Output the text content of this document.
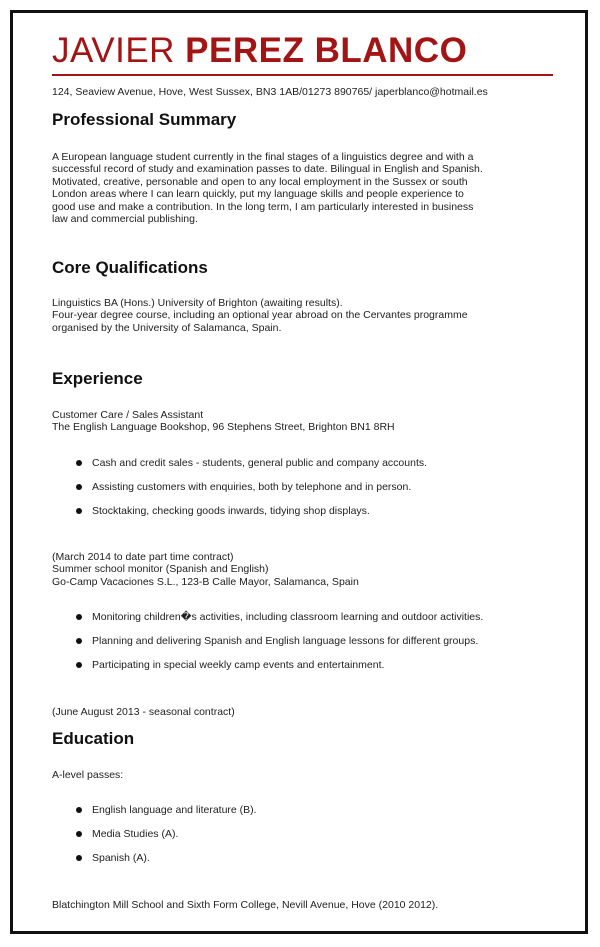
JAVIER PEREZ BLANCO
124, Seaview Avenue, Hove, West Sussex, BN3 1AB/01273 890765/ japerblanco@hotmail.es
Professional Summary
A European language student currently in the final stages of a linguistics degree and with a
successful record of study and examination passes to date. Bilingual in English and Spanish.
Motivated, creative, personable and open to any local employment in the Sussex or south
London areas where I can learn quickly, put my language skills and people experience to
good use and make a contribution. In the long term, I am particularly interested in business
law and commercial publishing.
Core Qualifications
Linguistics BA (Hons.) University of Brighton (awaiting results).
Four-year degree course, including an optional year abroad on the Cervantes programme
organised by the University of Salamanca, Spain.
Experience
Customer Care / Sales Assistant
The English Language Bookshop, 96 Stephens Street, Brighton BN1 8RH
Cash and credit sales - students, general public and company accounts.
Assisting customers with enquiries, both by telephone and in person.
Stocktaking, checking goods inwards, tidying shop displays.
(March 2014 to date part time contract)
Summer school monitor (Spanish and English)
Go-Camp Vacaciones S.L., 123-B Calle Mayor, Salamanca, Spain
Monitoring children�s activities, including classroom learning and outdoor activities.
Planning and delivering Spanish and English language lessons for different groups.
Participating in special weekly camp events and entertainment.
(June August 2013 - seasonal contract)
Education
A-level passes:
English language and literature (B).
Media Studies (A).
Spanish (A).
Blatchington Mill School and Sixth Form College, Nevill Avenue, Hove (2010 2012).
